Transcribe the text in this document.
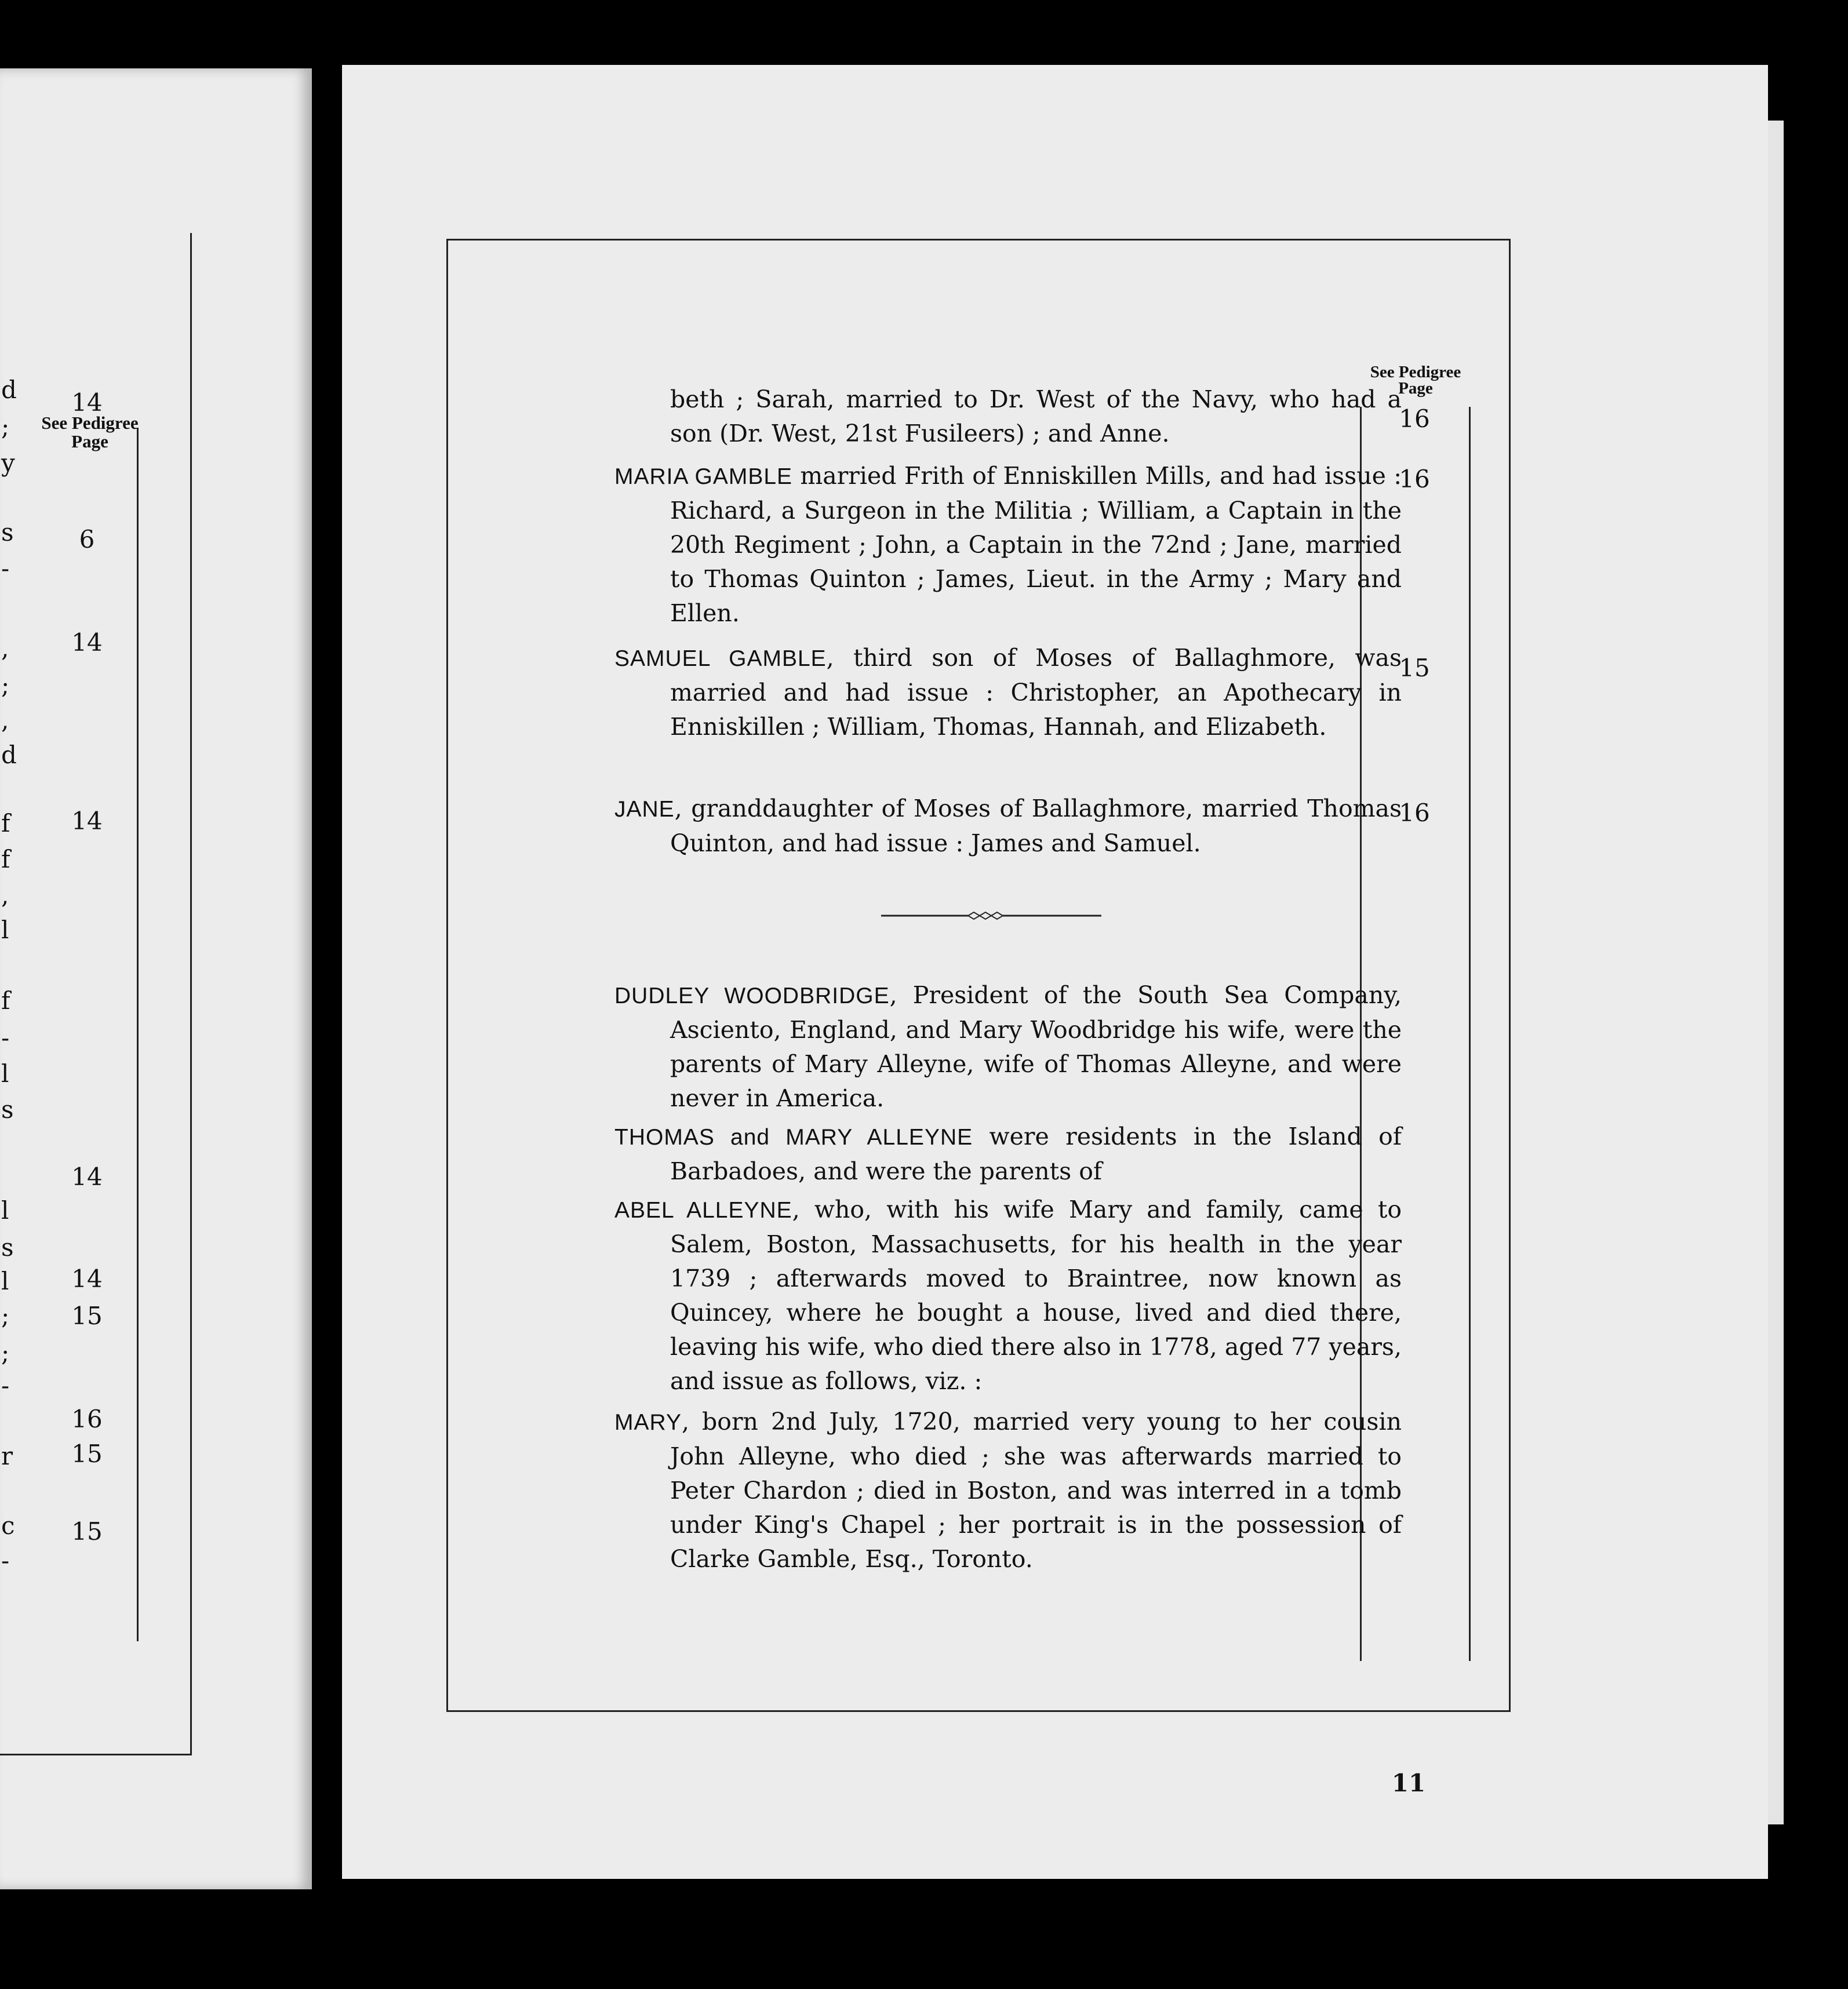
See Pedigree
Page
14
6
14
14
14
14
15
16
15
15
d
;
y
s
-
,
;
,
d
f
f
,
l
f
-
l
s
l
s
l
;
;
-
r
c
-
See Pedigree
Page
beth ; Sarah, married to Dr. West of the Navy, who had a son (Dr. West, 21st Fusileers) ; and Anne.
16
MARIA GAMBLE married Frith of Enniskillen Mills, and had issue : Richard, a Surgeon in the Militia ; William, a Captain in the 20th Regiment ; John, a Captain in the 72nd ; Jane, married to Thomas Quinton ; James, Lieut. in the Army ; Mary and Ellen.
16
SAMUEL GAMBLE, third son of Moses of Ballaghmore, was married and had issue : Christopher, an Apothecary in Enniskillen ; William, Thomas, Hannah, and Elizabeth.
15
JANE, granddaughter of Moses of Ballaghmore, married Thomas Quinton, and had issue : James and Samuel.
16
DUDLEY WOODBRIDGE, President of the South Sea Company, Asciento, England, and Mary Woodbridge his wife, were the parents of Mary Alleyne, wife of Thomas Alleyne, and were never in America.
THOMAS and MARY ALLEYNE were residents in the Island of Barbadoes, and were the parents of
ABEL ALLEYNE, who, with his wife Mary and family, came to Salem, Boston, Massachusetts, for his health in the year 1739 ; afterwards moved to Braintree, now known as Quincey, where he bought a house, lived and died there, leaving his wife, who died there also in 1778, aged 77 years, and issue as follows, viz. :
MARY, born 2nd July, 1720, married very young to her cousin John Alleyne, who died ; she was afterwards married to Peter Chardon ; died in Boston, and was interred in a tomb under King's Chapel ; her portrait is in the possession of Clarke Gamble, Esq., Toronto.
11
